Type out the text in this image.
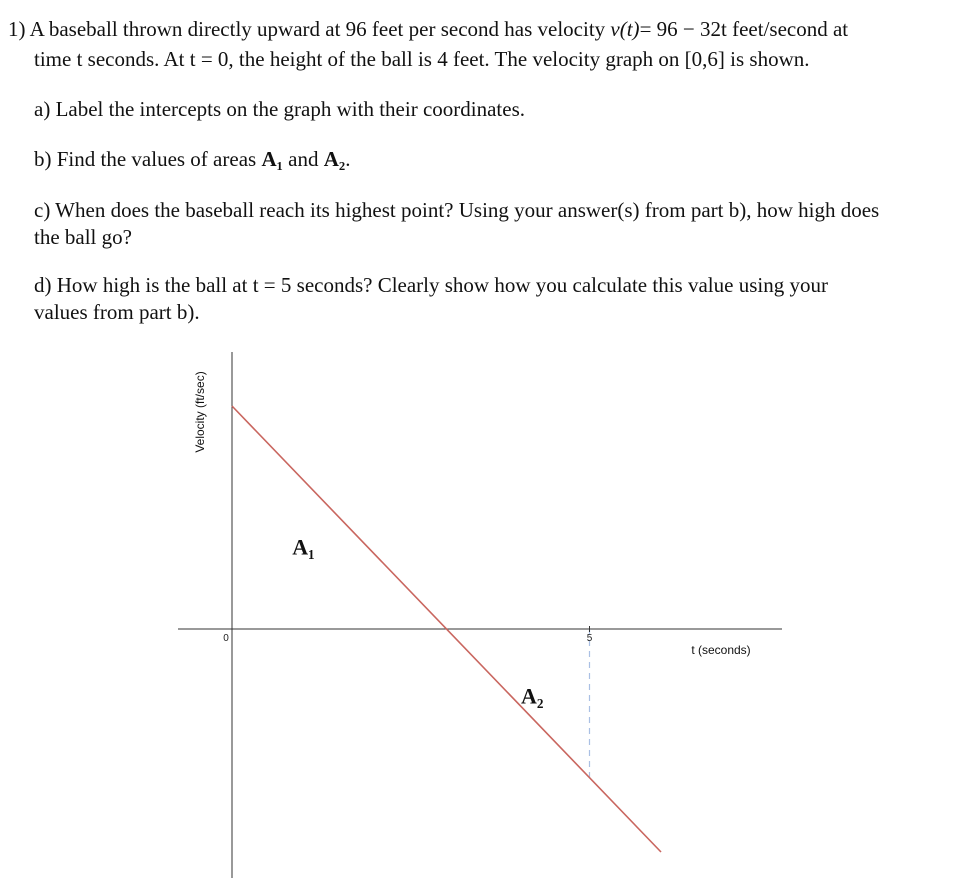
1) A baseball thrown directly upward at 96 feet per second has velocity v(t)= 96 − 32t feet/second at
time t seconds. At t = 0, the height of the ball is 4 feet. The velocity graph on [0,6] is shown.
a) Label the intercepts on the graph with their coordinates.
b) Find the values of areas A₁ and A₂.
c) When does the baseball reach its highest point? Using your answer(s) from part b), how high does
the ball go?
d) How high is the ball at t = 5 seconds? Clearly show how you calculate this value using your
values from part b).
0	5
A₁
A₂
Velocity (ft/sec)
t (seconds)
